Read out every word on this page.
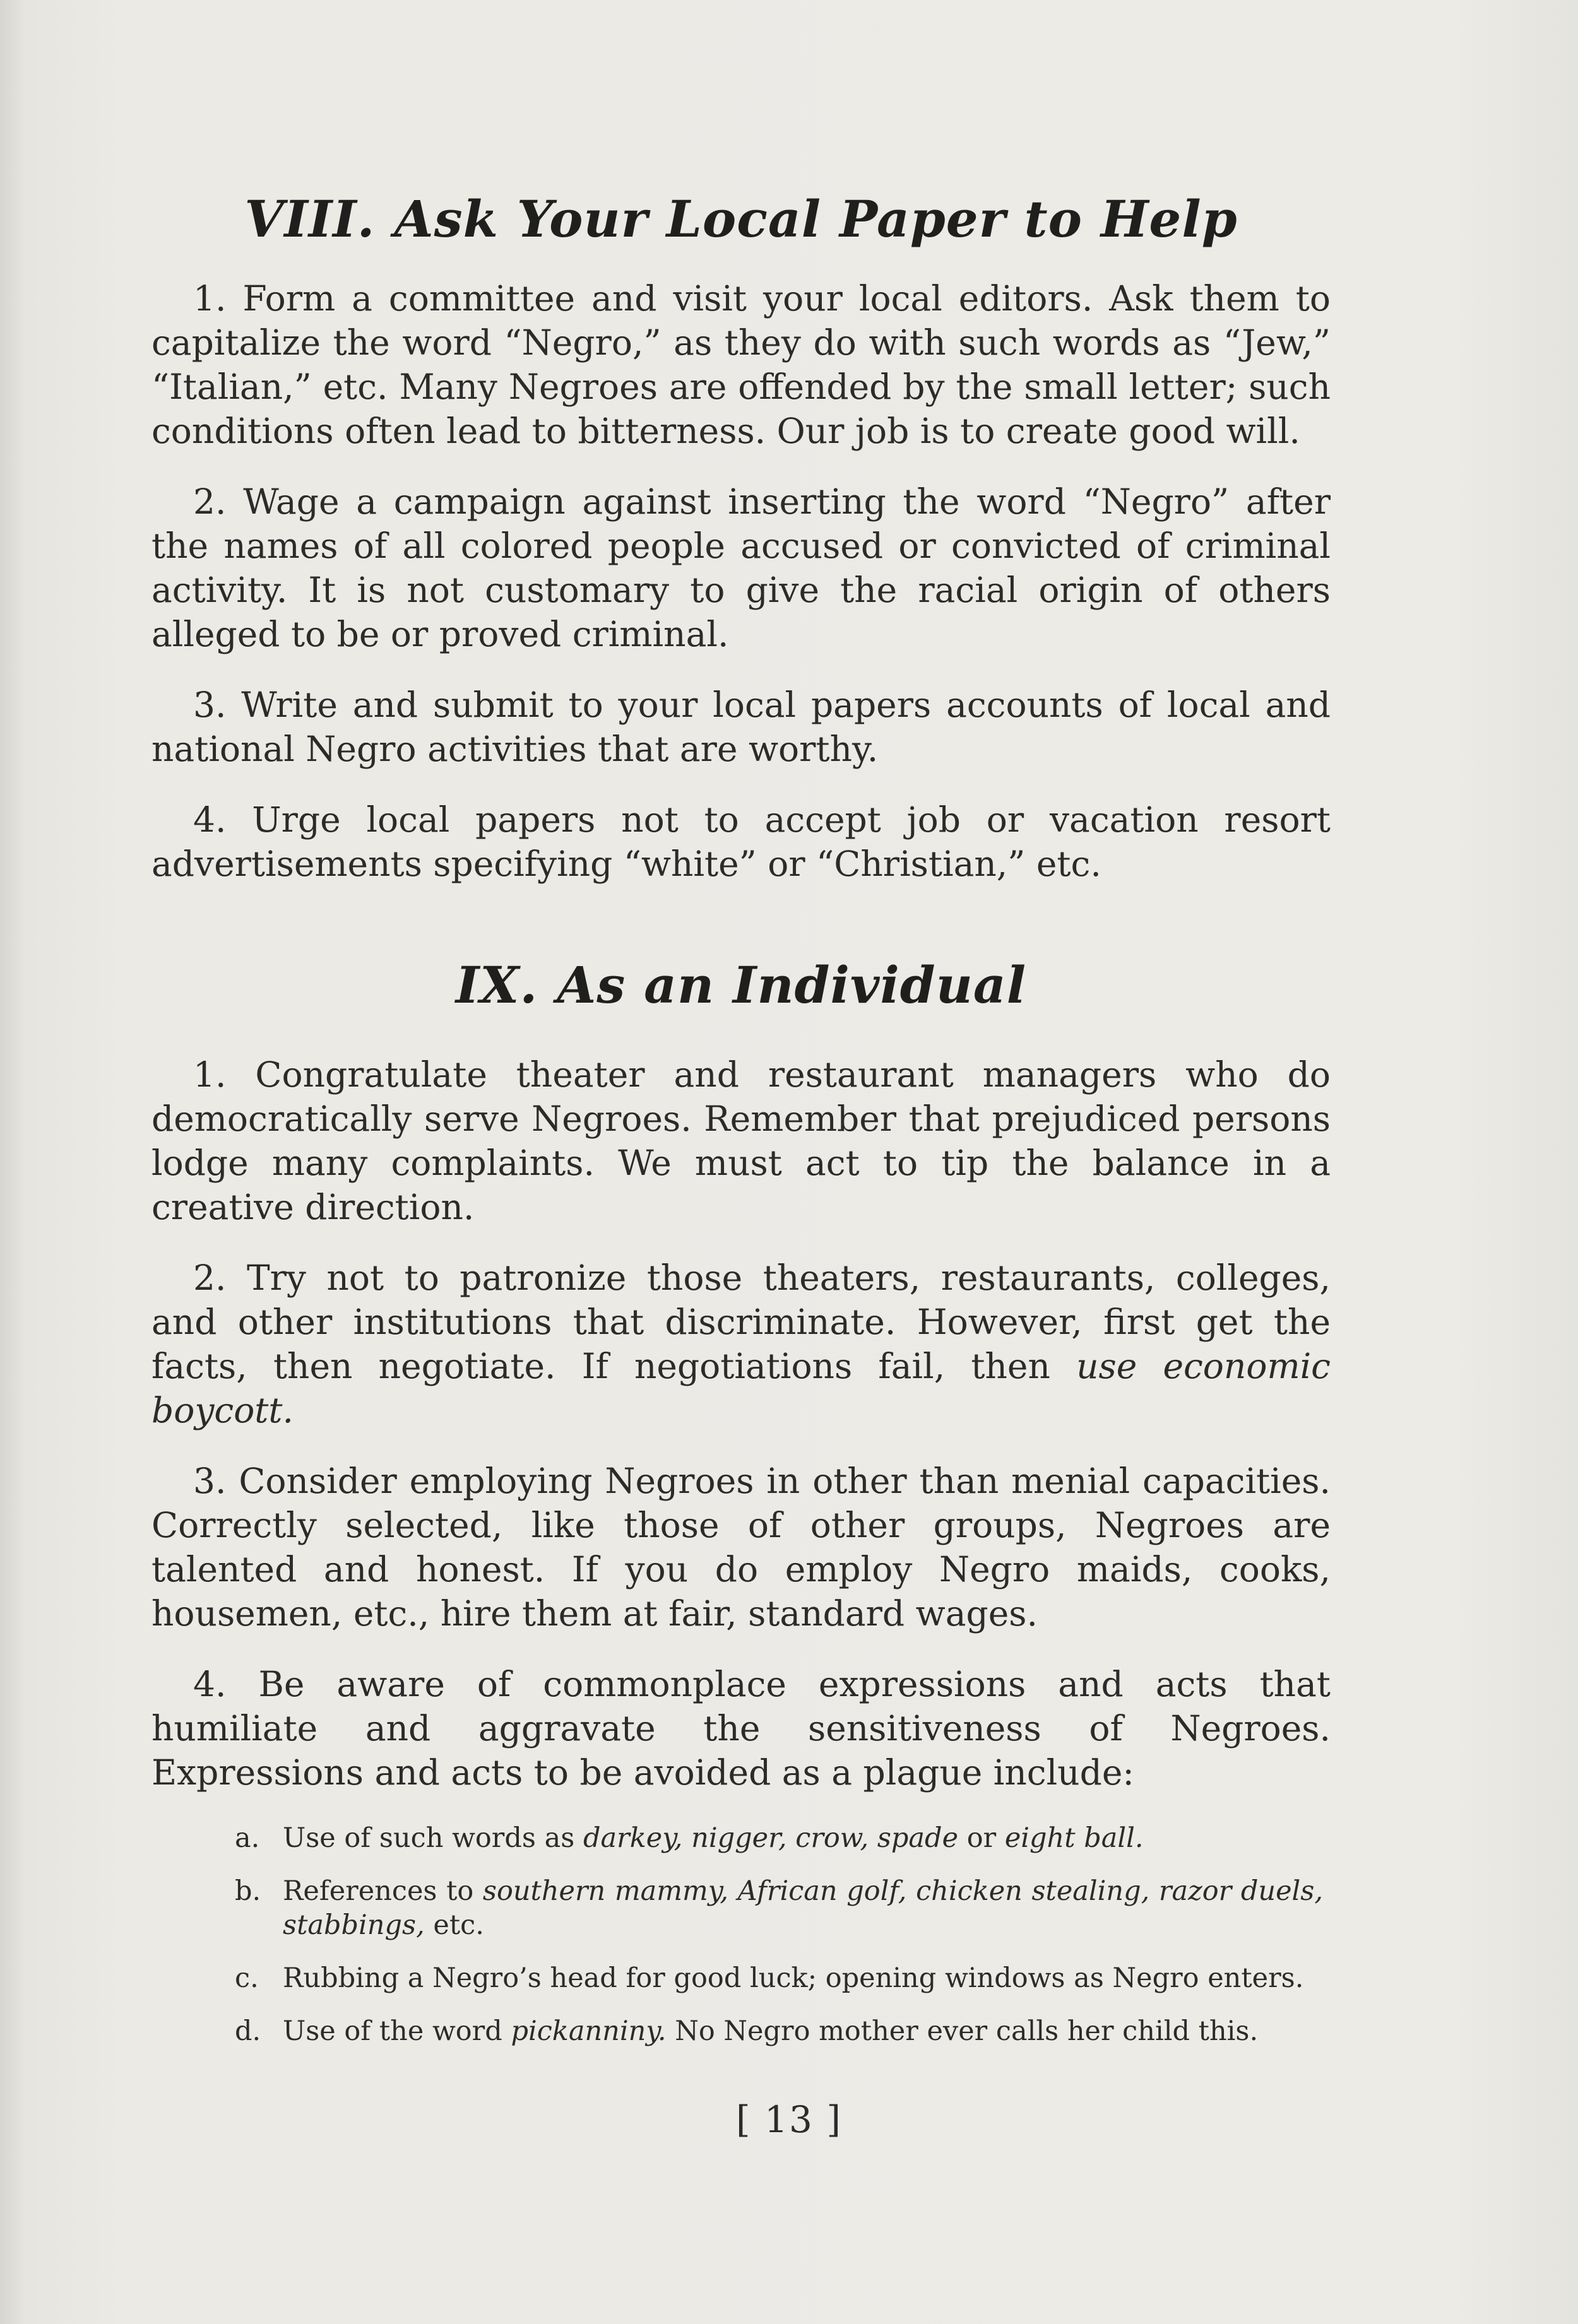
VIII. Ask Your Local Paper to Help

1. Form a committee and visit your local editors. Ask them to capitalize the word “Negro,” as they do with such words as “Jew,” “Italian,” etc. Many Negroes are offended by the small letter; such conditions often lead to bitterness. Our job is to create good will.

2. Wage a campaign against inserting the word “Negro” after the names of all colored people accused or convicted of criminal activity. It is not customary to give the racial origin of others alleged to be or proved criminal.

3. Write and submit to your local papers accounts of local and national Negro activities that are worthy.

4. Urge local papers not to accept job or vacation resort advertisements specifying “white” or “Christian,” etc.

IX. As an Individual

1. Congratulate theater and restaurant managers who do democratically serve Negroes. Remember that prejudiced persons lodge many complaints. We must act to tip the balance in a creative direction.

2. Try not to patronize those theaters, restaurants, colleges, and other institutions that discriminate. However, first get the facts, then negotiate. If negotiations fail, then use economic boycott.

3. Consider employing Negroes in other than menial capacities. Correctly selected, like those of other groups, Negroes are talented and honest. If you do employ Negro maids, cooks, housemen, etc., hire them at fair, standard wages.

4. Be aware of commonplace expressions and acts that humiliate and aggravate the sensitiveness of Negroes. Expressions and acts to be avoided as a plague include:

a. Use of such words as darkey, nigger, crow, spade or eight ball.
b. References to southern mammy, African golf, chicken stealing, razor duels, stabbings, etc.
c. Rubbing a Negro’s head for good luck; opening windows as Negro enters.
d. Use of the word pickanniny. No Negro mother ever calls her child this.
[ 13 ]
